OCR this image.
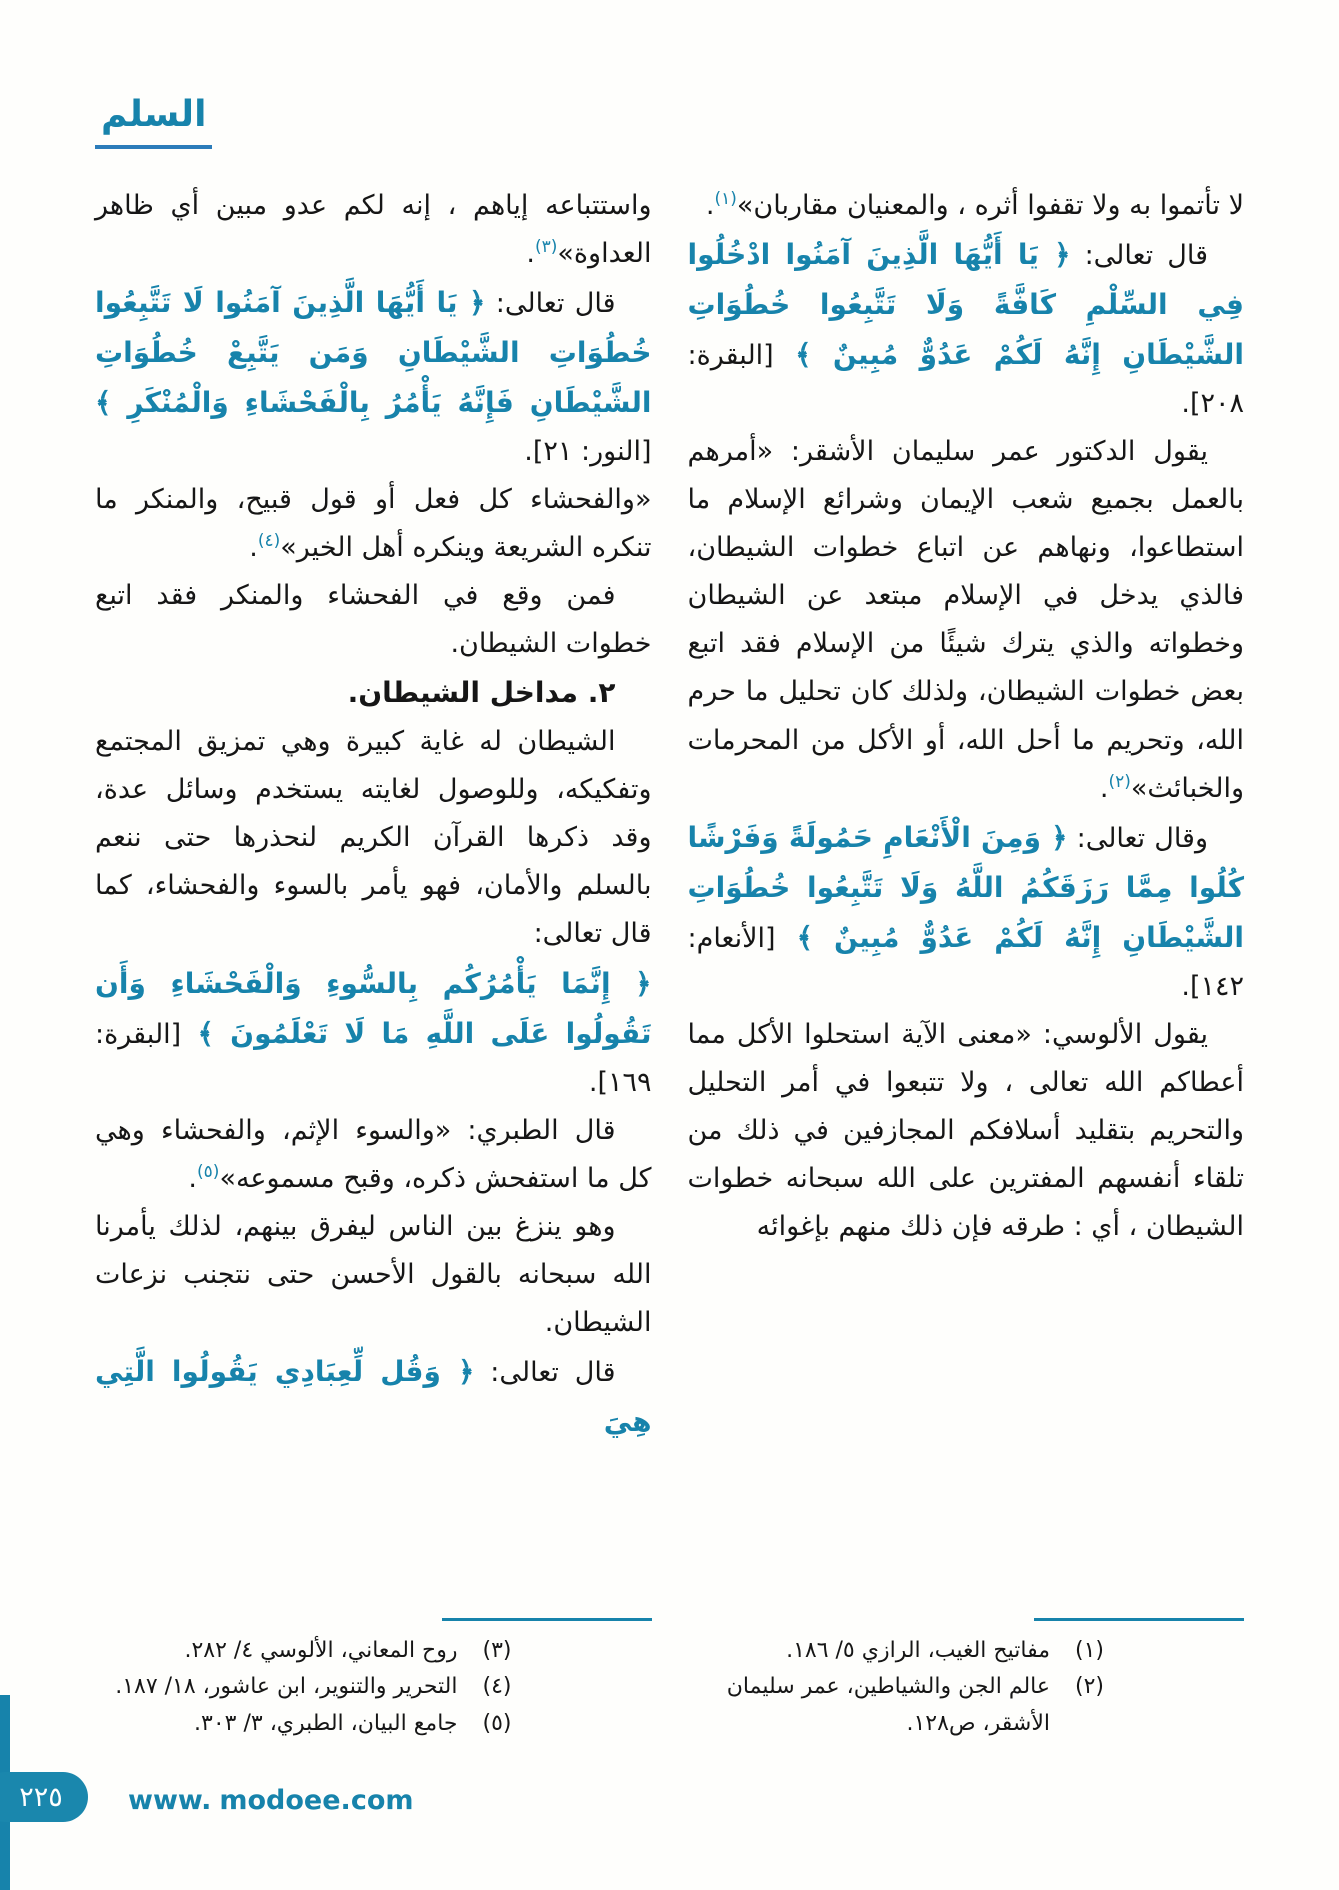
السلم

لا تأتموا به ولا تقفوا أثره ، والمعنيان مقاربان»$^{(١)}$.

قال تعالى: ﴿ يَا أَيُّهَا الَّذِينَ آمَنُوا ادْخُلُوا فِي السِّلْمِ كَافَّةً وَلَا تَتَّبِعُوا خُطُوَاتِ الشَّيْطَانِ إِنَّهُ لَكُمْ عَدُوٌّ مُبِينٌ ﴾ [البقرة: ٢٠٨].

يقول الدكتور عمر سليمان الأشقر: «أمرهم بالعمل بجميع شعب الإيمان وشرائع الإسلام ما استطاعوا، ونهاهم عن اتباع خطوات الشيطان، فالذي يدخل في الإسلام مبتعد عن الشيطان وخطواته والذي يترك شيئًا من الإسلام فقد اتبع بعض خطوات الشيطان، ولذلك كان تحليل ما حرم الله، وتحريم ما أحل الله، أو الأكل من المحرمات والخبائث»$^{(٢)}$.

وقال تعالى: ﴿ وَمِنَ الْأَنْعَامِ حَمُولَةً وَفَرْشًا كُلُوا مِمَّا رَزَقَكُمُ اللَّهُ وَلَا تَتَّبِعُوا خُطُوَاتِ الشَّيْطَانِ إِنَّهُ لَكُمْ عَدُوٌّ مُبِينٌ ﴾ [الأنعام: ١٤٢].

يقول الألوسي: «معنى الآية استحلوا الأكل مما أعطاكم الله تعالى ، ولا تتبعوا في أمر التحليل والتحريم بتقليد أسلافكم المجازفين في ذلك من تلقاء أنفسهم المفترين على الله سبحانه خطوات الشيطان ، أي : طرقه فإن ذلك منهم بإغوائه

(١)
مفاتيح الغيب، الرازي ٥/ ١٨٦.
(٢)
عالم الجن والشياطين، عمر سليمان الأشقر، ص١٢٨.

واستتباعه إياهم ، إنه لكم عدو مبين أي ظاهر العداوة»$^{(٣)}$.

قال تعالى: ﴿ يَا أَيُّهَا الَّذِينَ آمَنُوا لَا تَتَّبِعُوا خُطُوَاتِ الشَّيْطَانِ وَمَن يَتَّبِعْ خُطُوَاتِ الشَّيْطَانِ فَإِنَّهُ يَأْمُرُ بِالْفَحْشَاءِ وَالْمُنْكَرِ ﴾ [النور: ٢١].

«والفحشاء كل فعل أو قول قبيح، والمنكر ما تنكره الشريعة وينكره أهل الخير»$^{(٤)}$.

فمن وقع في الفحشاء والمنكر فقد اتبع خطوات الشيطان.

٢. مداخل الشيطان.

الشيطان له غاية كبيرة وهي تمزيق المجتمع وتفكيكه، وللوصول لغايته يستخدم وسائل عدة، وقد ذكرها القرآن الكريم لنحذرها حتى ننعم بالسلم والأمان، فهو يأمر بالسوء والفحشاء، كما قال تعالى:

﴿ إِنَّمَا يَأْمُرُكُم بِالسُّوءِ وَالْفَحْشَاءِ وَأَن تَقُولُوا عَلَى اللَّهِ مَا لَا تَعْلَمُونَ ﴾ [البقرة: ١٦٩].

قال الطبري: «والسوء الإثم، والفحشاء وهي كل ما استفحش ذكره، وقبح مسموعه»$^{(٥)}$.

وهو ينزغ بين الناس ليفرق بينهم، لذلك يأمرنا الله سبحانه بالقول الأحسن حتى نتجنب نزعات الشيطان.

قال تعالى: ﴿ وَقُل لِّعِبَادِي يَقُولُوا الَّتِي هِيَ

(٣)
روح المعاني، الألوسي ٤/ ٢٨٢.
(٤)
التحرير والتنوير، ابن عاشور، ١٨/ ١٨٧.
(٥)
جامع البيان، الطبري، ٣/ ٣٠٣.
٢٢٥ www. modoee.com
